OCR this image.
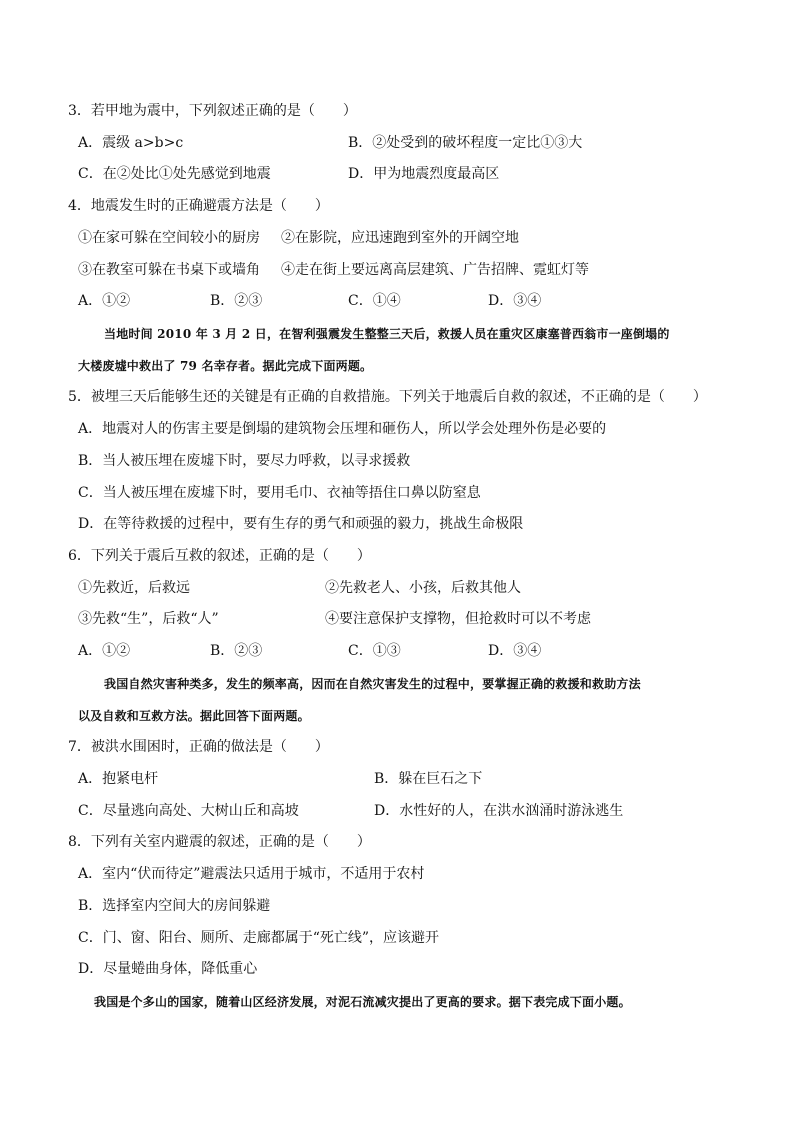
3．若甲地为震中，下列叙述正确的是（　　）
A．震级 a>b>c	B．②处受到的破坏程度一定比①③大
C．在②处比①处先感觉到地震	D．甲为地震烈度最高区
4．地震发生时的正确避震方法是（　　）
①在家可躲在空间较小的厨房 ②在影院，应迅速跑到室外的开阔空地
③在教室可躲在书桌下或墙角 ④走在街上要远离高层建筑、广告招牌、霓虹灯等
A．①②	B．②③	C．①④	D．③④
当地时间 2010 年 3 月 2 日，在智利强震发生整整三天后，救援人员在重灾区康塞普西翁市一座倒塌的
大楼废墟中救出了 79 名幸存者。据此完成下面两题。
5．被埋三天后能够生还的关键是有正确的自救措施。下列关于地震后自救的叙述，不正确的是（　　）
A．地震对人的伤害主要是倒塌的建筑物会压埋和砸伤人，所以学会处理外伤是必要的
B．当人被压埋在废墟下时，要尽力呼救，以寻求援救
C．当人被压埋在废墟下时，要用毛巾、衣袖等捂住口鼻以防窒息
D．在等待救援的过程中，要有生存的勇气和顽强的毅力，挑战生命极限
6．下列关于震后互救的叙述，正确的是（　　）
①先救近，后救远	②先救老人、小孩，后救其他人
③先救“生”，后救“人”	④要注意保护支撑物，但抢救时可以不考虑
A．①②	B．②③	C．①③	D．③④
我国自然灾害种类多，发生的频率高，因而在自然灾害发生的过程中，要掌握正确的救援和救助方法
以及自救和互救方法。据此回答下面两题。
7．被洪水围困时，正确的做法是（　　）
A．抱紧电杆	B．躲在巨石之下
C．尽量逃向高处、大树山丘和高坡	D．水性好的人，在洪水汹涌时游泳逃生
8．下列有关室内避震的叙述，正确的是（　　）
A．室内“伏而待定”避震法只适用于城市，不适用于农村
B．选择室内空间大的房间躲避
C．门、窗、阳台、厕所、走廊都属于“死亡线”，应该避开
D．尽量蜷曲身体，降低重心
我国是个多山的国家，随着山区经济发展，对泥石流减灾提出了更高的要求。据下表完成下面小题。
